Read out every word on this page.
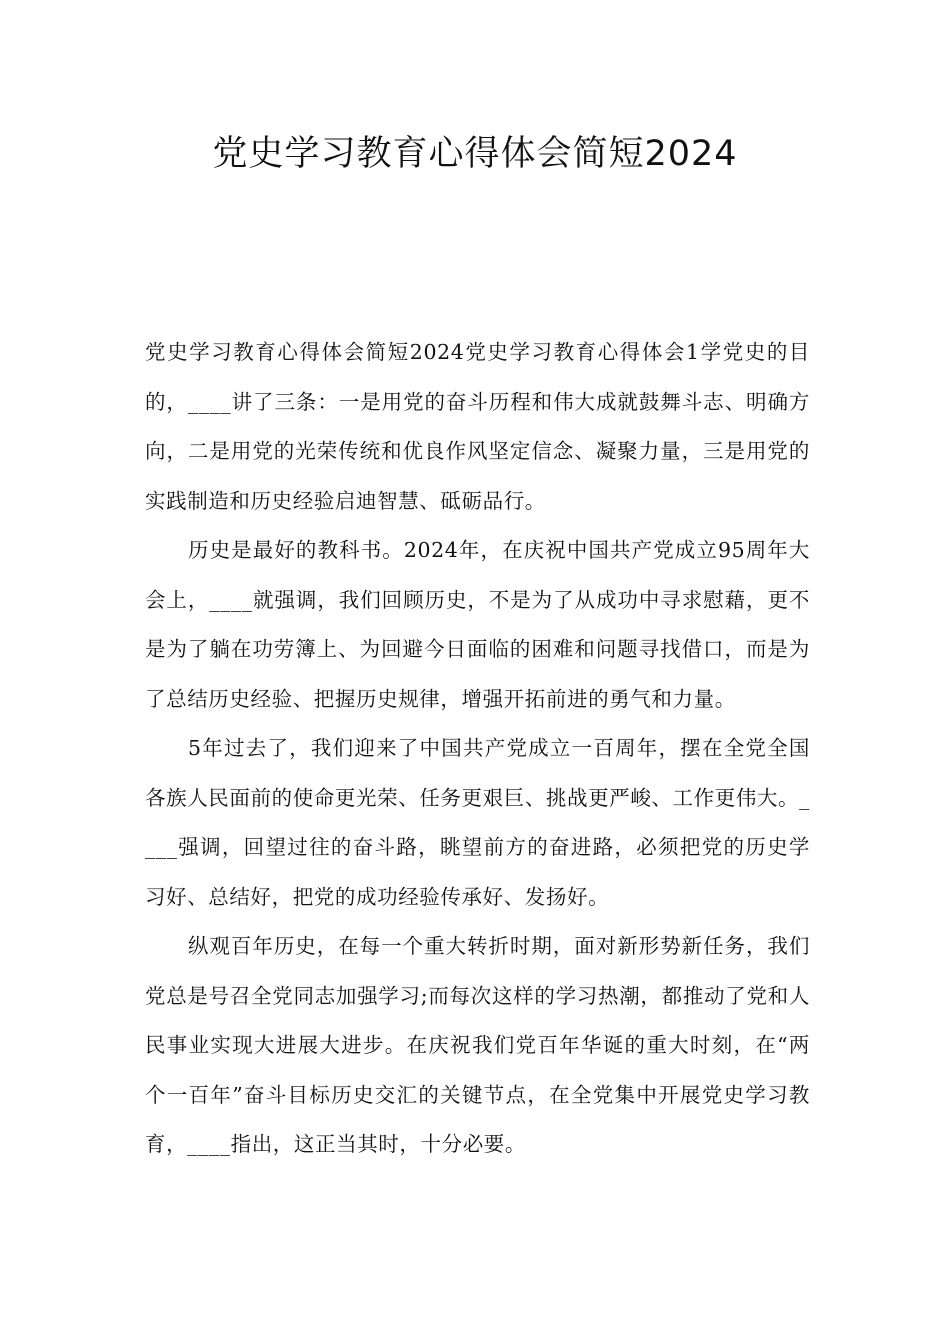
党史学习教育心得体会简短2024

党史学习教育心得体会简短2024党史学习教育心得体会1学党史的目的，____讲了三条：一是用党的奋斗历程和伟大成就鼓舞斗志、明确方向，二是用党的光荣传统和优良作风坚定信念、凝聚力量，三是用党的实践制造和历史经验启迪智慧、砥砺品行。

历史是最好的教科书。2024年，在庆祝中国共产党成立95周年大会上，____就强调，我们回顾历史，不是为了从成功中寻求慰藉，更不是为了躺在功劳簿上、为回避今日面临的困难和问题寻找借口，而是为了总结历史经验、把握历史规律，增强开拓前进的勇气和力量。

5年过去了，我们迎来了中国共产党成立一百周年，摆在全党全国各族人民面前的使命更光荣、任务更艰巨、挑战更严峻、工作更伟大。____强调，回望过往的奋斗路，眺望前方的奋进路，必须把党的历史学习好、总结好，把党的成功经验传承好、发扬好。

纵观百年历史，在每一个重大转折时期，面对新形势新任务，我们党总是号召全党同志加强学习;而每次这样的学习热潮，都推动了党和人民事业实现大进展大进步。在庆祝我们党百年华诞的重大时刻，在“两个一百年”奋斗目标历史交汇的关键节点，在全党集中开展党史学习教育，____指出，这正当其时，十分必要。
